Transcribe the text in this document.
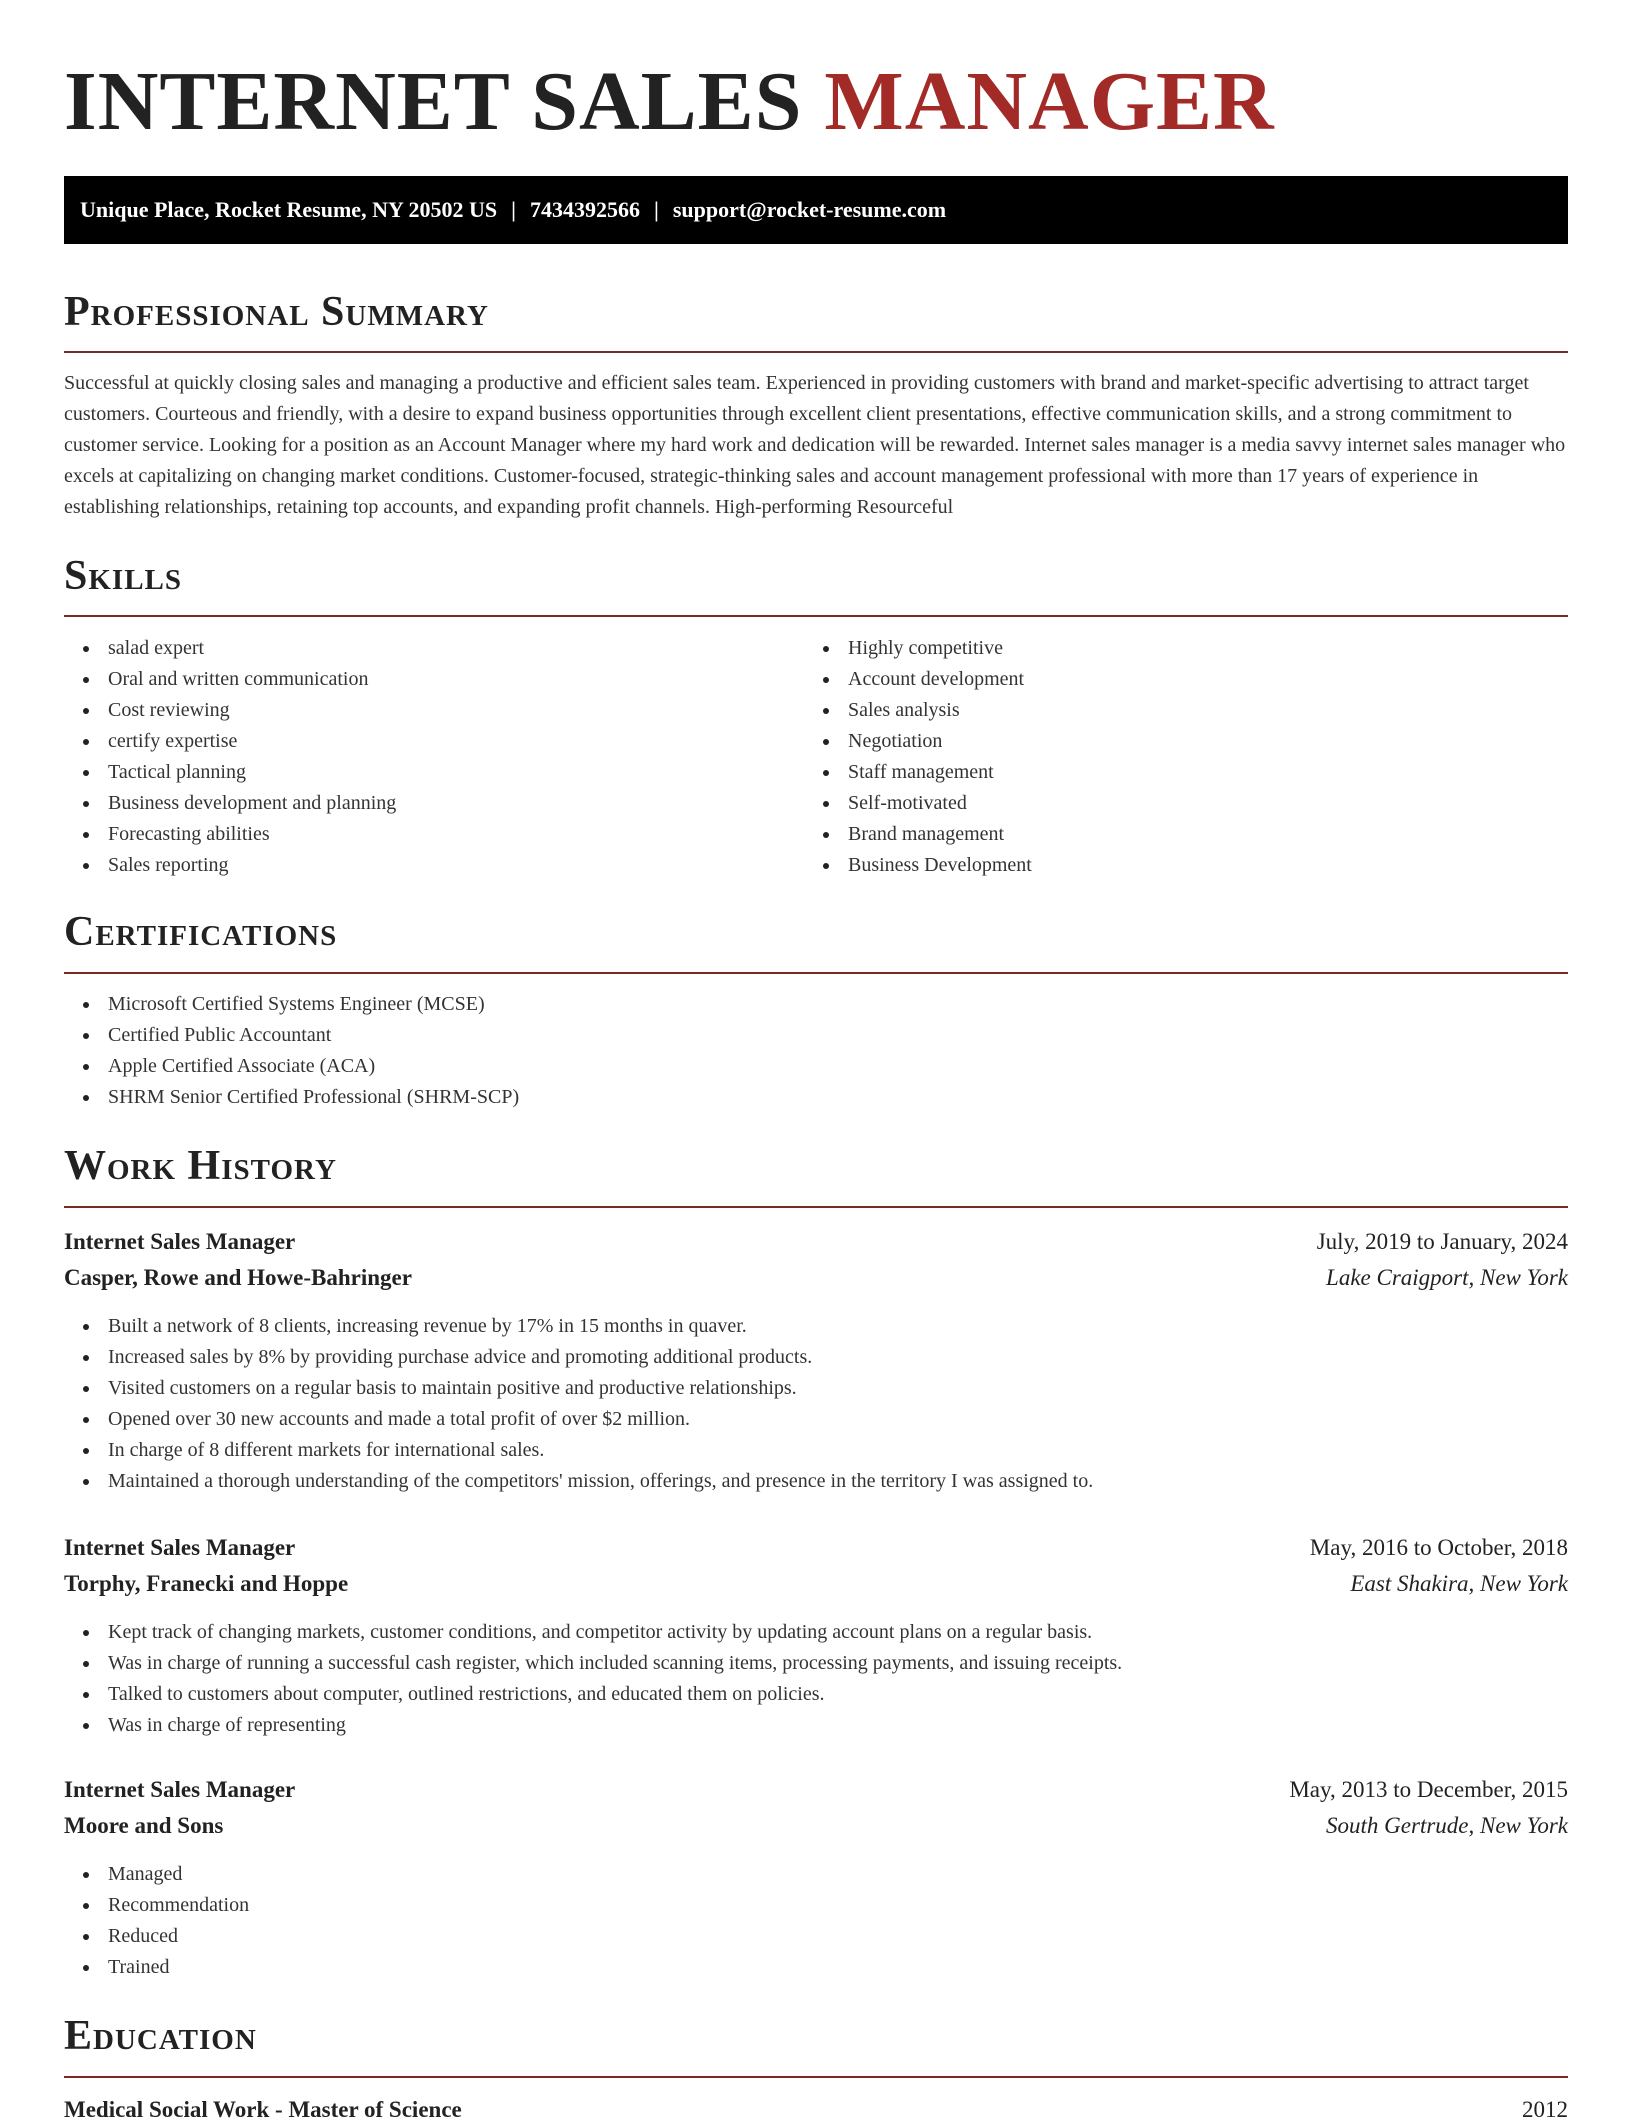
INTERNET SALES MANAGER
Unique Place, Rocket Resume, NY 20502 US | 7434392566 | support@rocket-resume.com
Professional Summary

Successful at quickly closing sales and managing a productive and efficient sales team. Experienced in providing customers with brand and market-specific advertising to attract target customers. Courteous and friendly, with a desire to expand business opportunities through excellent client presentations, effective communication skills, and a strong commitment to customer service. Looking for a position as an Account Manager where my hard work and dedication will be rewarded. Internet sales manager is a media savvy internet sales manager who excels at capitalizing on changing market conditions. Customer-focused, strategic-thinking sales and account management professional with more than 17 years of experience in establishing relationships, retaining top accounts, and expanding profit channels. High-performing Resourceful

Skills
salad expert
Oral and written communication
Cost reviewing
certify expertise
Tactical planning
Business development and planning
Forecasting abilities
Sales reporting
Highly competitive
Account development
Sales analysis
Negotiation
Staff management
Self-motivated
Brand management
Business Development
Certifications
Microsoft Certified Systems Engineer (MCSE)
Certified Public Accountant
Apple Certified Associate (ACA)
SHRM Senior Certified Professional (SHRM-SCP)
Work History
Internet Sales Manager	July, 2019 to January, 2024
Casper, Rowe and Howe-Bahringer	Lake Craigport, New York
Built a network of 8 clients, increasing revenue by 17% in 15 months in quaver.
Increased sales by 8% by providing purchase advice and promoting additional products.
Visited customers on a regular basis to maintain positive and productive relationships.
Opened over 30 new accounts and made a total profit of over $2 million.
In charge of 8 different markets for international sales.
Maintained a thorough understanding of the competitors' mission, offerings, and presence in the territory I was assigned to.
Internet Sales Manager	May, 2016 to October, 2018
Torphy, Franecki and Hoppe	East Shakira, New York
Kept track of changing markets, customer conditions, and competitor activity by updating account plans on a regular basis.
Was in charge of running a successful cash register, which included scanning items, processing payments, and issuing receipts.
Talked to customers about computer, outlined restrictions, and educated them on policies.
Was in charge of representing
Internet Sales Manager	May, 2013 to December, 2015
Moore and Sons	South Gertrude, New York
Managed
Recommendation
Reduced
Trained
Education
Medical Social Work - Master of Science	2012
